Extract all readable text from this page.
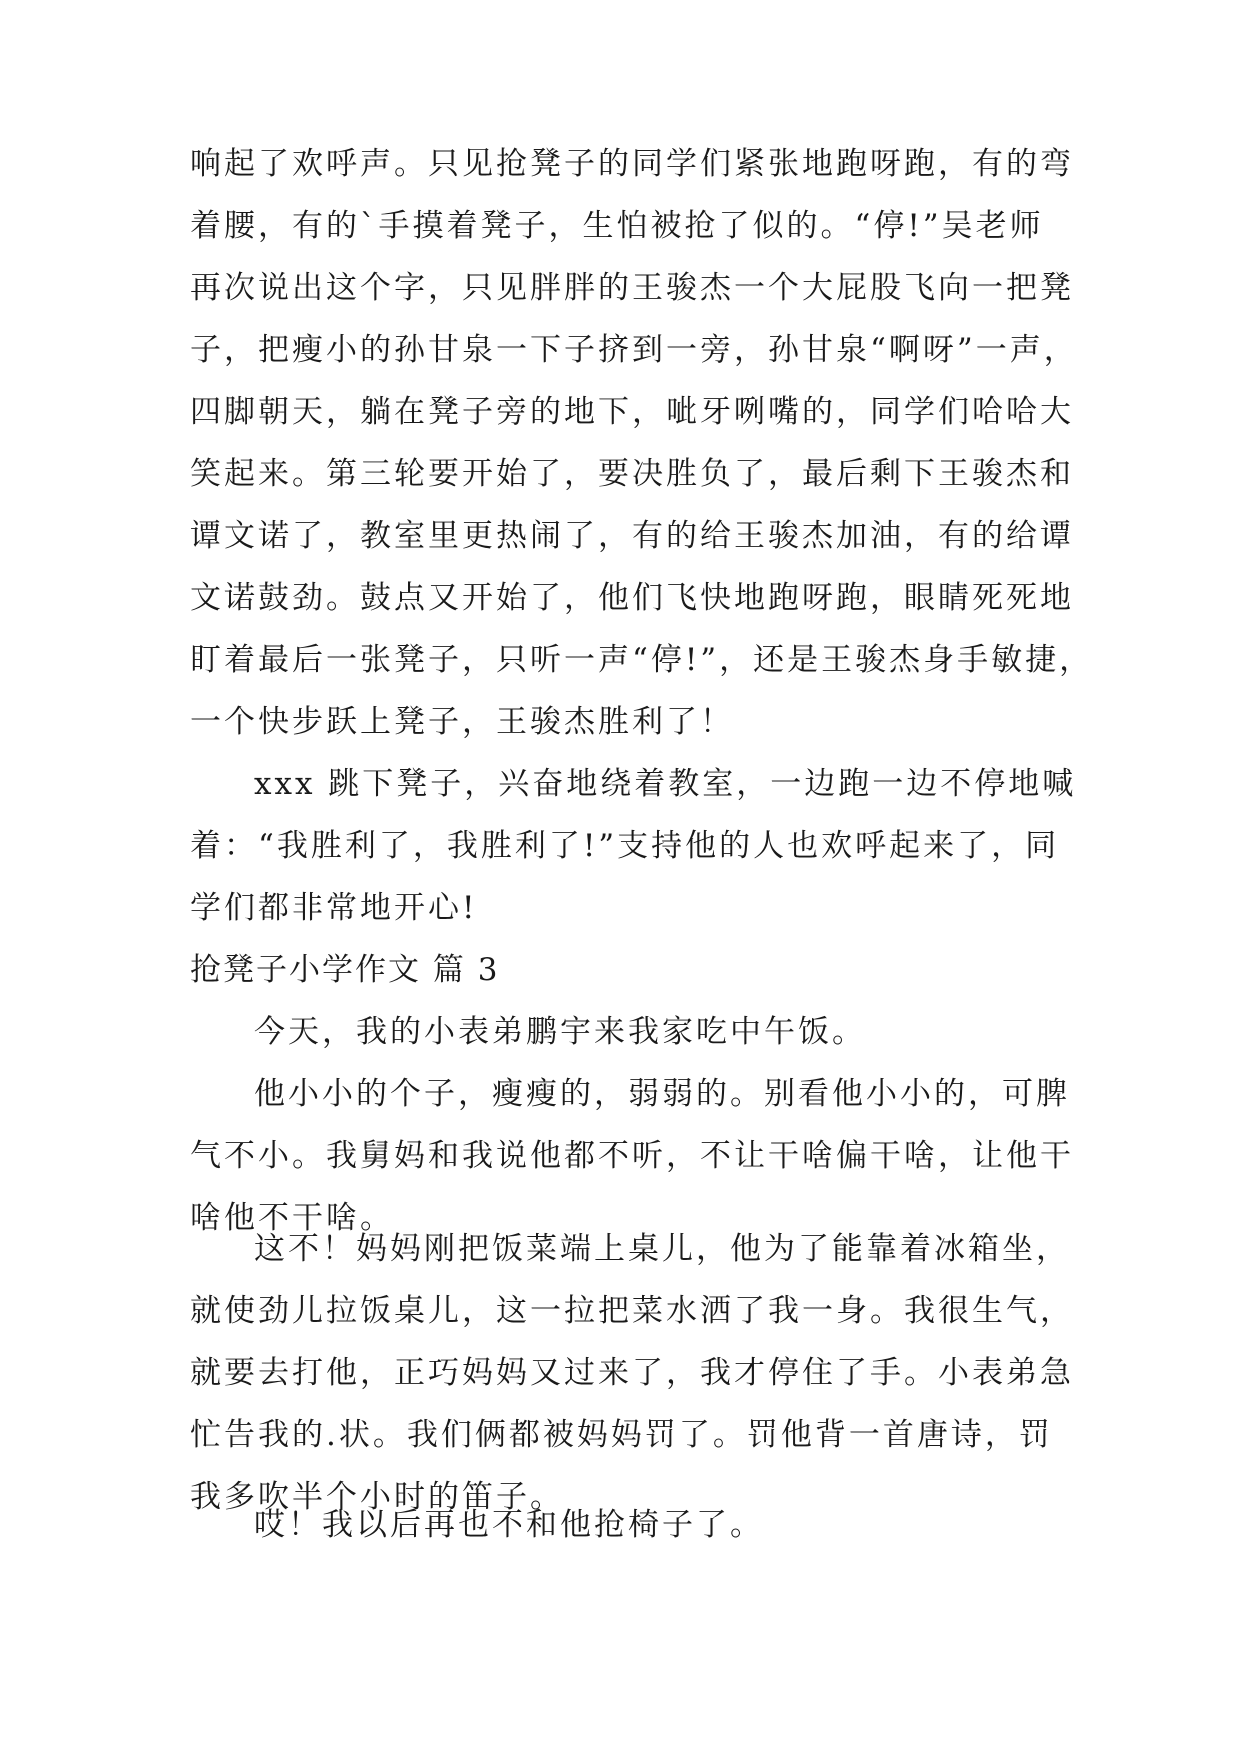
响起了欢呼声。只见抢凳子的同学们紧张地跑呀跑，有的弯
着腰，有的`手摸着凳子，生怕被抢了似的。“停!”吴老师
再次说出这个字，只见胖胖的王骏杰一个大屁股飞向一把凳
子，把瘦小的孙甘泉一下子挤到一旁，孙甘泉“啊呀”一声，
四脚朝天，躺在凳子旁的地下，呲牙咧嘴的，同学们哈哈大
笑起来。第三轮要开始了，要决胜负了，最后剩下王骏杰和
谭文诺了，教室里更热闹了，有的给王骏杰加油，有的给谭
文诺鼓劲。鼓点又开始了，他们飞快地跑呀跑，眼睛死死地
盯着最后一张凳子，只听一声“停!”，还是王骏杰身手敏捷，
一个快步跃上凳子，王骏杰胜利了！
xxx 跳下凳子，兴奋地绕着教室，一边跑一边不停地喊
着：“我胜利了，我胜利了!”支持他的人也欢呼起来了，同
学们都非常地开心!
抢凳子小学作文 篇 3
今天，我的小表弟鹏宇来我家吃中午饭。
他小小的个子，瘦瘦的，弱弱的。别看他小小的，可脾
气不小。我舅妈和我说他都不听，不让干啥偏干啥，让他干
啥他不干啥。
这不！妈妈刚把饭菜端上桌儿，他为了能靠着冰箱坐，
就使劲儿拉饭桌儿，这一拉把菜水洒了我一身。我很生气，
就要去打他，正巧妈妈又过来了，我才停住了手。小表弟急
忙告我的.状。我们俩都被妈妈罚了。罚他背一首唐诗，罚
我多吹半个小时的笛子。
哎！我以后再也不和他抢椅子了。
